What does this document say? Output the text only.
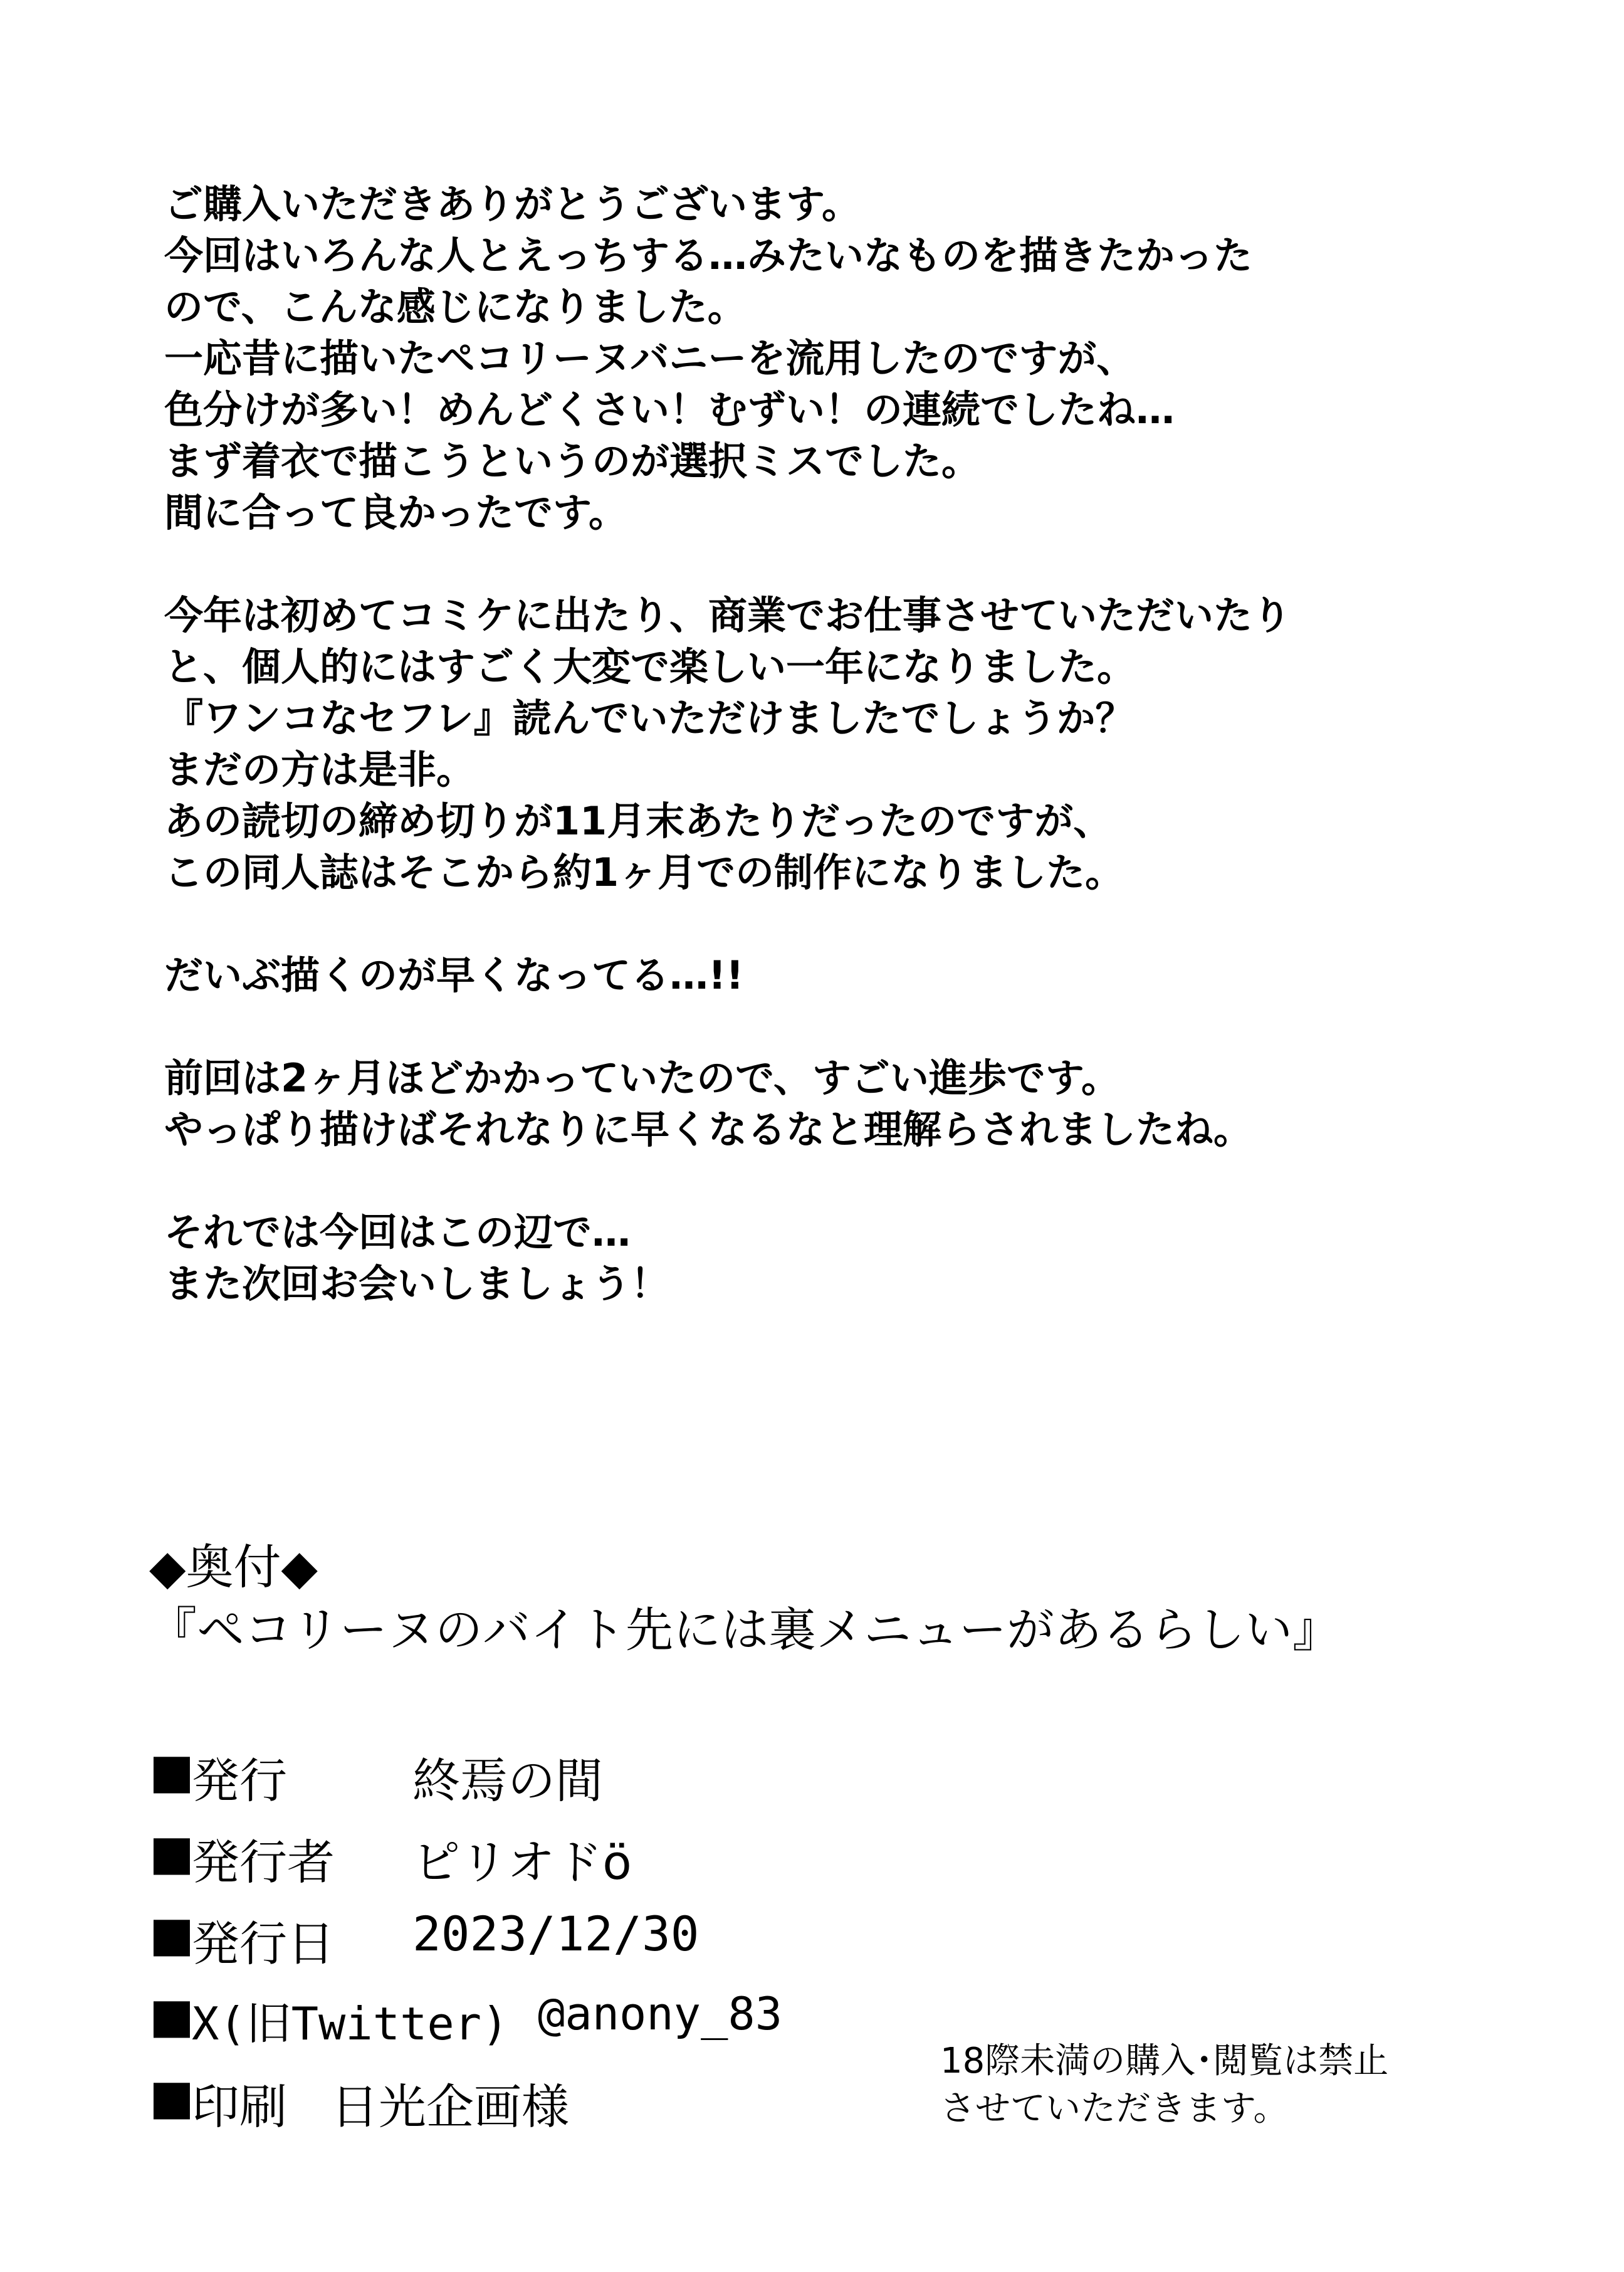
ご購入いただきありがとうございます。

今回はいろんな人とえっちする…みたいなものを描きたかった

ので、こんな感じになりました。

一応昔に描いたペコリーヌバニーを流用したのですが、

色分けが多い！めんどくさい！むずい！の連続でしたね…

まず着衣で描こうというのが選択ミスでした。

間に合って良かったです。

今年は初めてコミケに出たり、商業でお仕事させていただいたり

と、個人的にはすごく大変で楽しい一年になりました。

『ワンコなセフレ』読んでいただけましたでしょうか？

まだの方は是非。

あの読切の締め切りが11月末あたりだったのですが、

この同人誌はそこから約1ヶ月での制作になりました。

だいぶ描くのが早くなってる…!!

前回は2ヶ月ほどかかっていたので、すごい進歩です。

やっぱり描けばそれなりに早くなるなと理解らされましたね。

それでは今回はこの辺で…

また次回お会いしましょう！

◆奥付◆
『ペコリーヌのバイト先には裏メニューがあるらしい』
■
発行	終焉の間
■
発行者 ピリオドö
■
発行日 2023/12/30
■
X(旧Twitter) @anony_83
■
印刷 日光企画様

18際未満の購入･閲覧は禁止

させていただきます。
